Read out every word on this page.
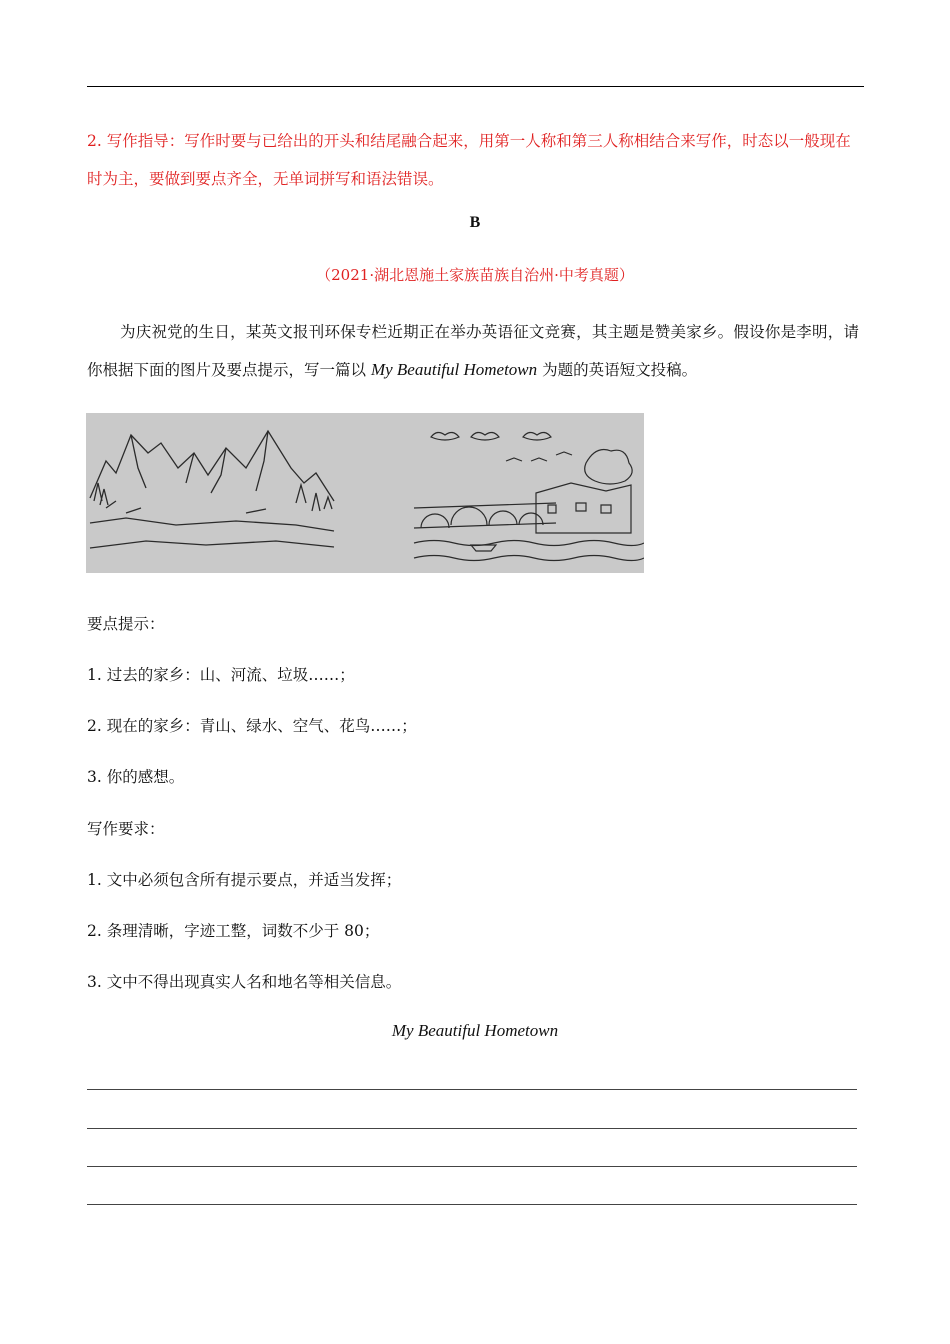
2. 写作指导：写作时要与已给出的开头和结尾融合起来，用第一人称和第三人称相结合来写作，时态以一般现在时为主，要做到要点齐全，无单词拼写和语法错误。
B
（2021·湖北恩施土家族苗族自治州·中考真题）
为庆祝党的生日，某英文报刊环保专栏近期正在举办英语征文竞赛，其主题是赞美家乡。假设你是李明，请你根据下面的图片及要点提示，写一篇以 My Beautiful Hometown 为题的英语短文投稿。
要点提示：
1. 过去的家乡：山、河流、垃圾……；
2. 现在的家乡：青山、绿水、空气、花鸟……；
3. 你的感想。
写作要求：
1. 文中必须包含所有提示要点，并适当发挥；
2. 条理清晰，字迹工整，词数不少于 80；
3. 文中不得出现真实人名和地名等相关信息。
My Beautiful Hometown
